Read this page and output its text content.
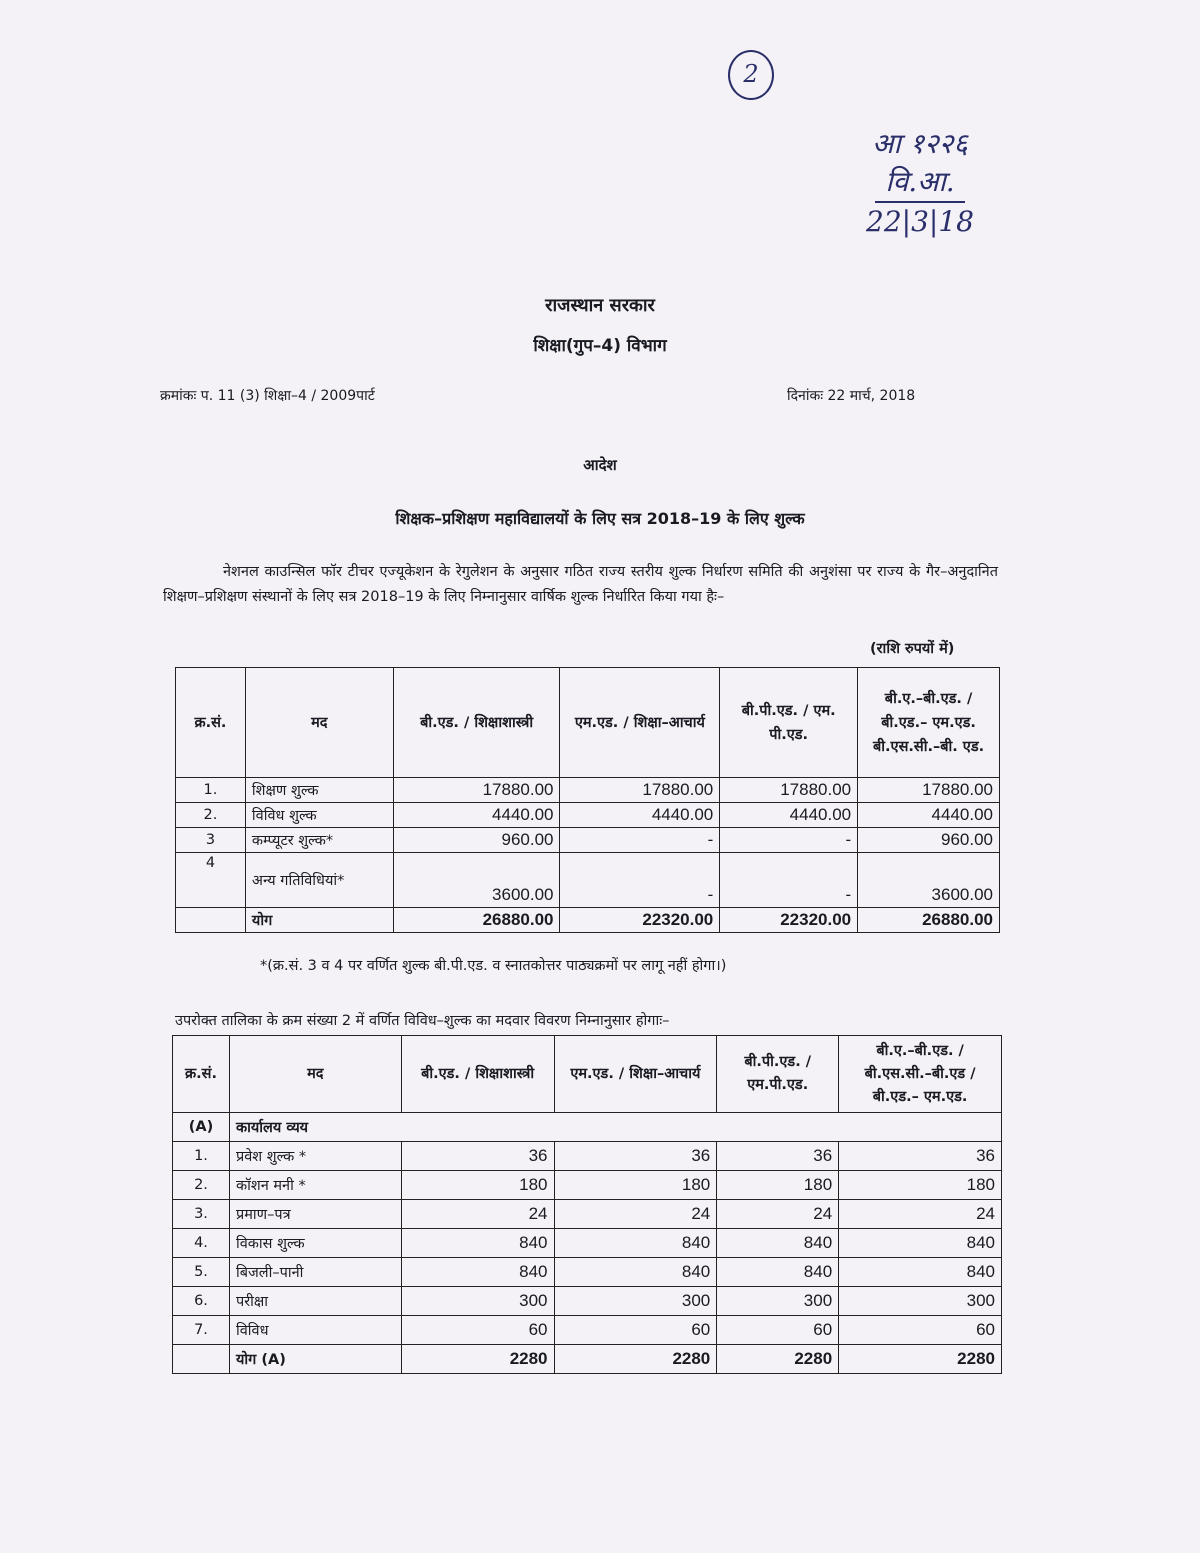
2
आ १२२६
वि.आ.
22|3|18
राजस्थान सरकार
शिक्षा(गुप–4) विभाग
क्रमांकः प. 11 (3) शिक्षा–4 / 2009पार्ट	दिनांकः 22 मार्च, 2018
आदेश
शिक्षक–प्रशिक्षण महाविद्यालयों के लिए सत्र 2018–19 के लिए शुल्क
नेशनल काउन्सिल फॉर टीचर एज्यूकेशन के रेगुलेशन के अनुसार गठित राज्य स्तरीय शुल्क निर्धारण समिति की अनुशंसा पर राज्य के गैर–अनुदानित शिक्षण–प्रशिक्षण संस्थानों के लिए सत्र 2018–19 के लिए निम्नानुसार वार्षिक शुल्क निर्धारित किया गया हैः–
(राशि रुपयों में)
क्र.सं.	मद	बी.एड. / शिक्षाशास्त्री	एम.एड. / शिक्षा–आचार्य	बी.पी.एड. / एम. पी.एड.	बी.ए.–बी.एड. / बी.एड.– एम.एड. बी.एस.सी.–बी. एड.
1.	शिक्षण शुल्क	17880.00	17880.00	17880.00	17880.00
2.	विविध शुल्क	4440.00	4440.00	4440.00	4440.00
3	कम्प्यूटर शुल्क*	960.00	-	-	960.00
4	अन्य गतिविधियां*	3600.00	-	-	3600.00
	योग	26880.00	22320.00	22320.00	26880.00
*(क्र.सं. 3 व 4 पर वर्णित शुल्क बी.पी.एड. व स्नातकोत्तर पाठ्यक्रमों पर लागू नहीं होगा।)
उपरोक्त तालिका के क्रम संख्या 2 में वर्णित विविध–शुल्क का मदवार विवरण निम्नानुसार होगाः–
क्र.सं.	मद	बी.एड. / शिक्षाशास्त्री	एम.एड. / शिक्षा–आचार्य	बी.पी.एड. / एम.पी.एड.	बी.ए.–बी.एड. / बी.एस.सी.–बी.एड / बी.एड.– एम.एड.
(A)	कार्यालय व्यय				
1.	प्रवेश शुल्क *	36	36	36	36
2.	कॉशन मनी *	180	180	180	180
3.	प्रमाण–पत्र	24	24	24	24
4.	विकास शुल्क	840	840	840	840
5.	बिजली–पानी	840	840	840	840
6.	परीक्षा	300	300	300	300
7.	विविध	60	60	60	60
	योग (A)	2280	2280	2280	2280
